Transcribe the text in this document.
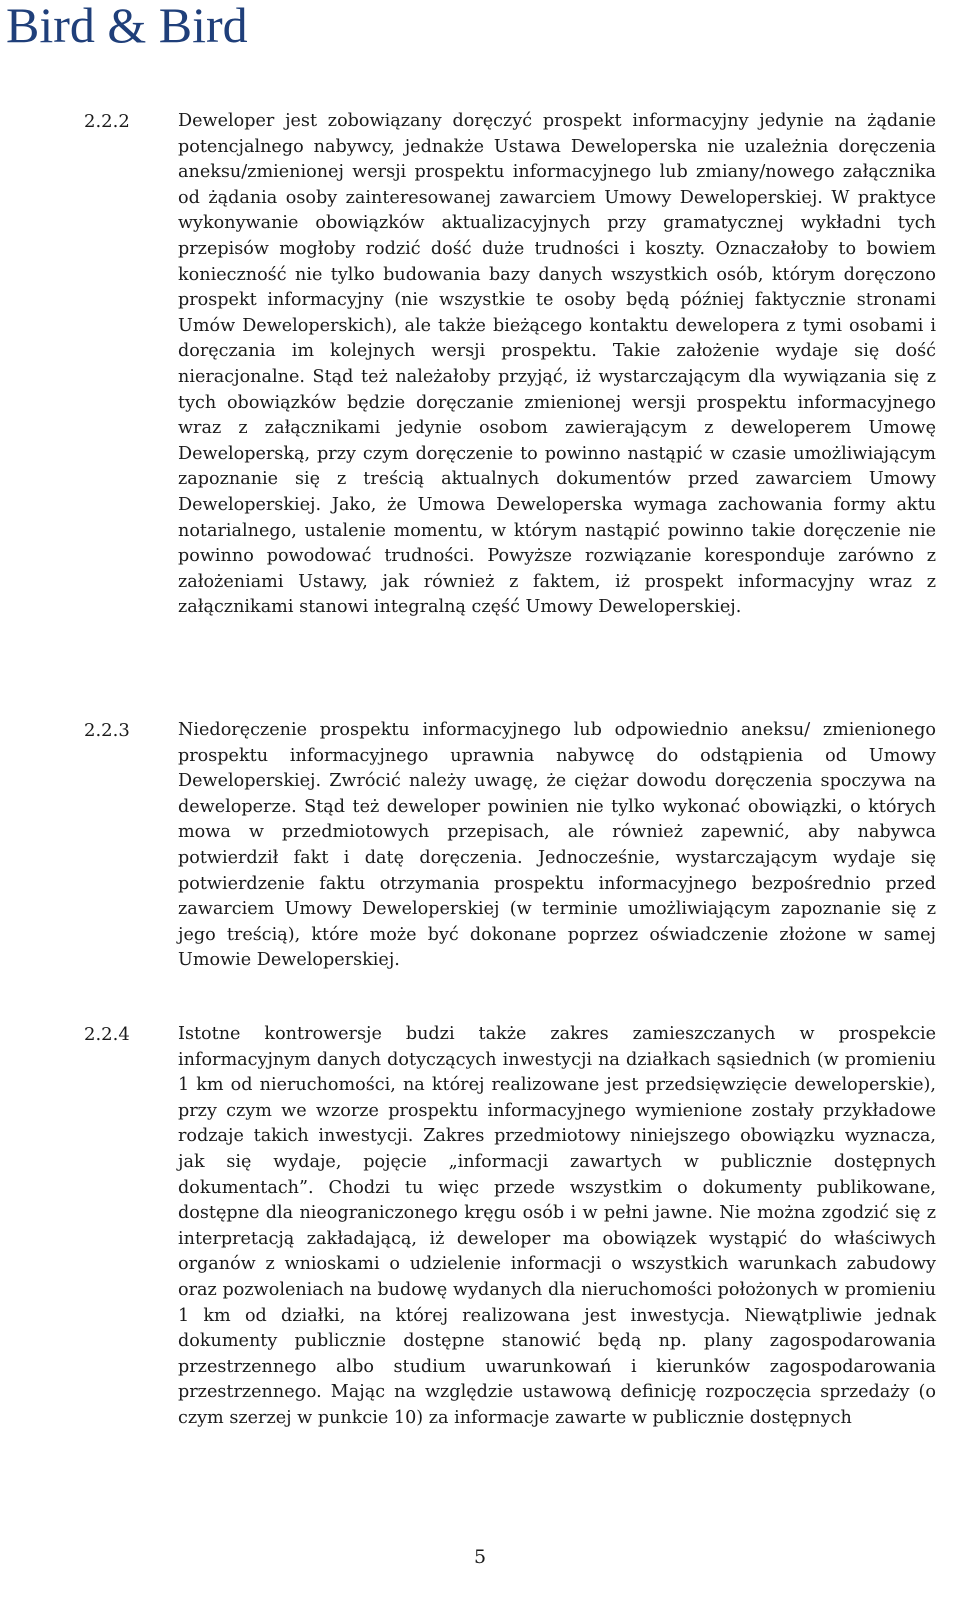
Bird & Bird
2.2.2	Deweloper jest zobowiązany doręczyć prospekt informacyjny jedynie na żądanie potencjalnego nabywcy, jednakże Ustawa Deweloperska nie uzależnia doręczenia aneksu/zmienionej wersji prospektu informacyjnego lub zmiany/nowego załącznika od żądania osoby zainteresowanej zawarciem Umowy Deweloperskiej. W praktyce wykonywanie obowiązków aktualizacyjnych przy gramatycznej wykładni tych przepisów mogłoby rodzić dość duże trudności i koszty. Oznaczałoby to bowiem konieczność nie tylko budowania bazy danych wszystkich osób, którym doręczono prospekt informacyjny (nie wszystkie te osoby będą później faktycznie stronami Umów Deweloperskich), ale także bieżącego kontaktu dewelopera z tymi osobami i doręczania im kolejnych wersji prospektu. Takie założenie wydaje się dość nieracjonalne. Stąd też należałoby przyjąć, iż wystarczającym dla wywiązania się z tych obowiązków będzie doręczanie zmienionej wersji prospektu informacyjnego wraz z załącznikami jedynie osobom zawierającym z deweloperem Umowę Deweloperską, przy czym doręczenie to powinno nastąpić w czasie umożliwiającym zapoznanie się z treścią aktualnych dokumentów przed zawarciem Umowy Deweloperskiej. Jako, że Umowa Deweloperska wymaga zachowania formy aktu notarialnego, ustalenie momentu, w którym nastąpić powinno takie doręczenie nie powinno powodować trudności. Powyższe rozwiązanie koresponduje zarówno z założeniami Ustawy, jak również z faktem, iż prospekt informacyjny wraz z załącznikami stanowi integralną część Umowy Deweloperskiej.
2.2.3	Niedoręczenie prospektu informacyjnego lub odpowiednio aneksu/ zmienionego prospektu informacyjnego uprawnia nabywcę do odstąpienia od Umowy Deweloperskiej. Zwrócić należy uwagę, że ciężar dowodu doręczenia spoczywa na deweloperze. Stąd też deweloper powinien nie tylko wykonać obowiązki, o których mowa w przedmiotowych przepisach, ale również zapewnić, aby nabywca potwierdził fakt i datę doręczenia. Jednocześnie, wystarczającym wydaje się potwierdzenie faktu otrzymania prospektu informacyjnego bezpośrednio przed zawarciem Umowy Deweloperskiej (w terminie umożliwiającym zapoznanie się z jego treścią), które może być dokonane poprzez oświadczenie złożone w samej Umowie Deweloperskiej.
2.2.4	Istotne kontrowersje budzi także zakres zamieszczanych w prospekcie informacyjnym danych dotyczących inwestycji na działkach sąsiednich (w promieniu 1 km od nieruchomości, na której realizowane jest przedsięwzięcie deweloperskie), przy czym we wzorze prospektu informacyjnego wymienione zostały przykładowe rodzaje takich inwestycji. Zakres przedmiotowy niniejszego obowiązku wyznacza, jak się wydaje, pojęcie „informacji zawartych w publicznie dostępnych dokumentach”. Chodzi tu więc przede wszystkim o dokumenty publikowane, dostępne dla nieograniczonego kręgu osób i w pełni jawne. Nie można zgodzić się z interpretacją zakładającą, iż deweloper ma obowiązek wystąpić do właściwych organów z wnioskami o udzielenie informacji o wszystkich warunkach zabudowy oraz pozwoleniach na budowę wydanych dla nieruchomości położonych w promieniu 1 km od działki, na której realizowana jest inwestycja. Niewątpliwie jednak dokumenty publicznie dostępne stanowić będą np. plany zagospodarowania przestrzennego albo studium uwarunkowań i kierunków zagospodarowania przestrzennego. Mając na względzie ustawową definicję rozpoczęcia sprzedaży (o czym szerzej w punkcie 10) za informacje zawarte w publicznie dostępnych
5
